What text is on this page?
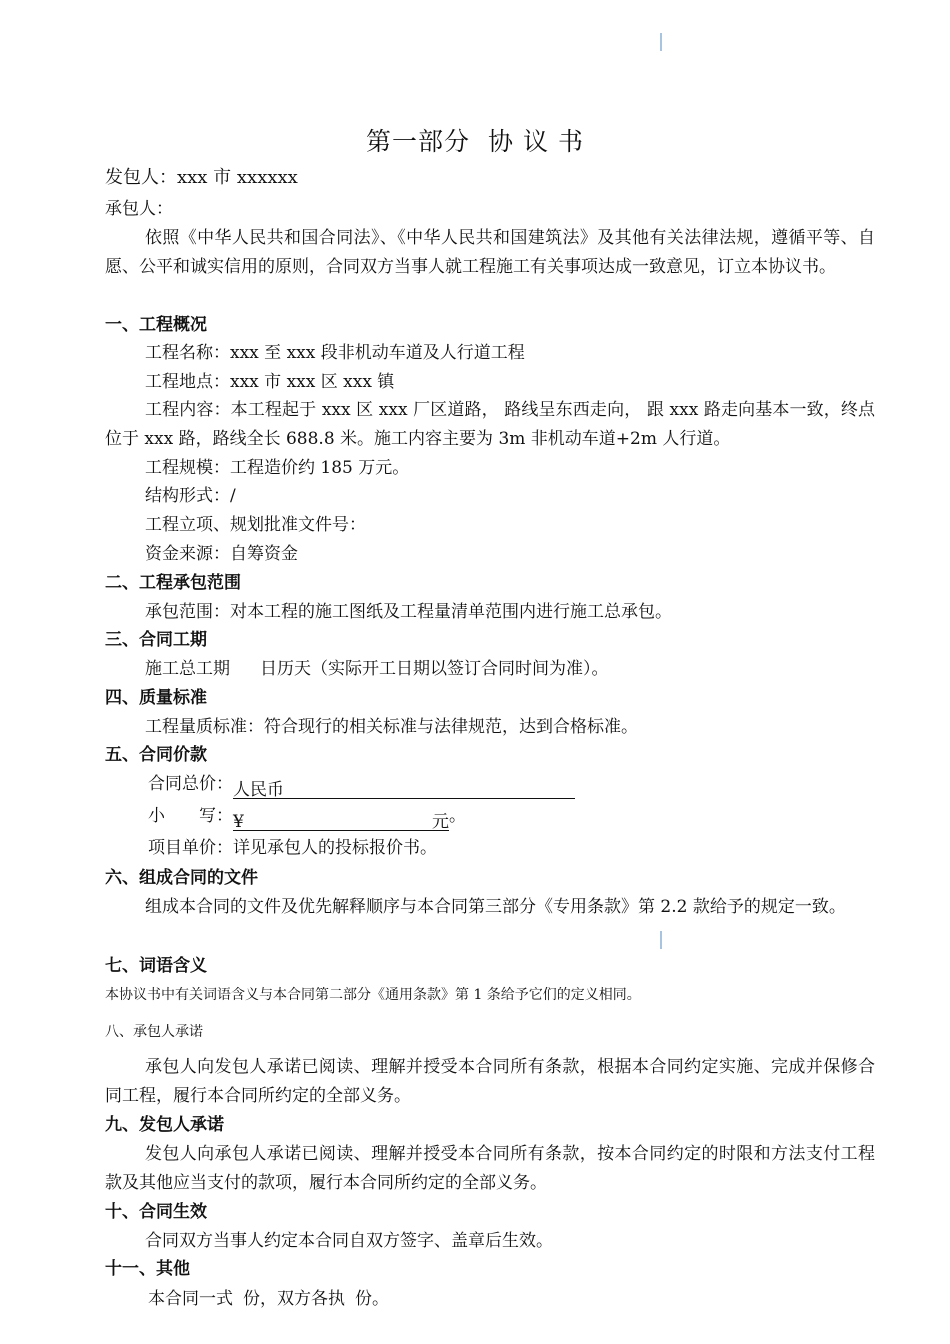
第一部分 协 议 书
发包人：xxx 市 xxxxxx
承包人：
依照《中华人民共和国合同法》、《中华人民共和国建筑法》及其他有关法律法规，遵循平等、自愿、公平和诚实信用的原则，合同双方当事人就工程施工有关事项达成一致意见，订立本协议书。
一、工程概况
工程名称：xxx 至 xxx 段非机动车道及人行道工程
工程地点：xxx 市 xxx 区 xxx 镇
工程内容：本工程起于 xxx 区 xxx 厂区道路， 路线呈东西走向， 跟 xxx 路走向基本一致，终点位于 xxx 路，路线全长 688.8 米。施工内容主要为 3m 非机动车道+2m 人行道。
工程规模：工程造价约 185 万元。
结构形式：/
工程立项、规划批准文件号：
资金来源：自筹资金
二、工程承包范围
承包范围：对本工程的施工图纸及工程量清单范围内进行施工总承包。
三、合同工期
施工总工期 日历天（实际开工日期以签订合同时间为准）。
四、质量标准
工程量质标准：符合现行的相关标准与法律规范，达到合格标准。
五、合同价款
合同总价：人民币
小　　写：¥	元 。
项目单价：详见承包人的投标报价书。
六、组成合同的文件
组成本合同的文件及优先解释顺序与本合同第三部分《专用条款》第 2.2 款给予的规定一致。
七、词语含义
本协议书中有关词语含义与本合同第二部分《通用条款》第 1 条给予它们的定义相同。
八、承包人承诺
承包人向发包人承诺已阅读、理解并授受本合同所有条款，根据本合同约定实施、完成并保修合同工程，履行本合同所约定的全部义务。
九、发包人承诺
发包人向承包人承诺已阅读、理解并授受本合同所有条款，按本合同约定的时限和方法支付工程款及其他应当支付的款项，履行本合同所约定的全部义务。
十、合同生效
合同双方当事人约定本合同自双方签字、盖章后生效。
十一、其他
本合同一式 份，双方各执 份。
